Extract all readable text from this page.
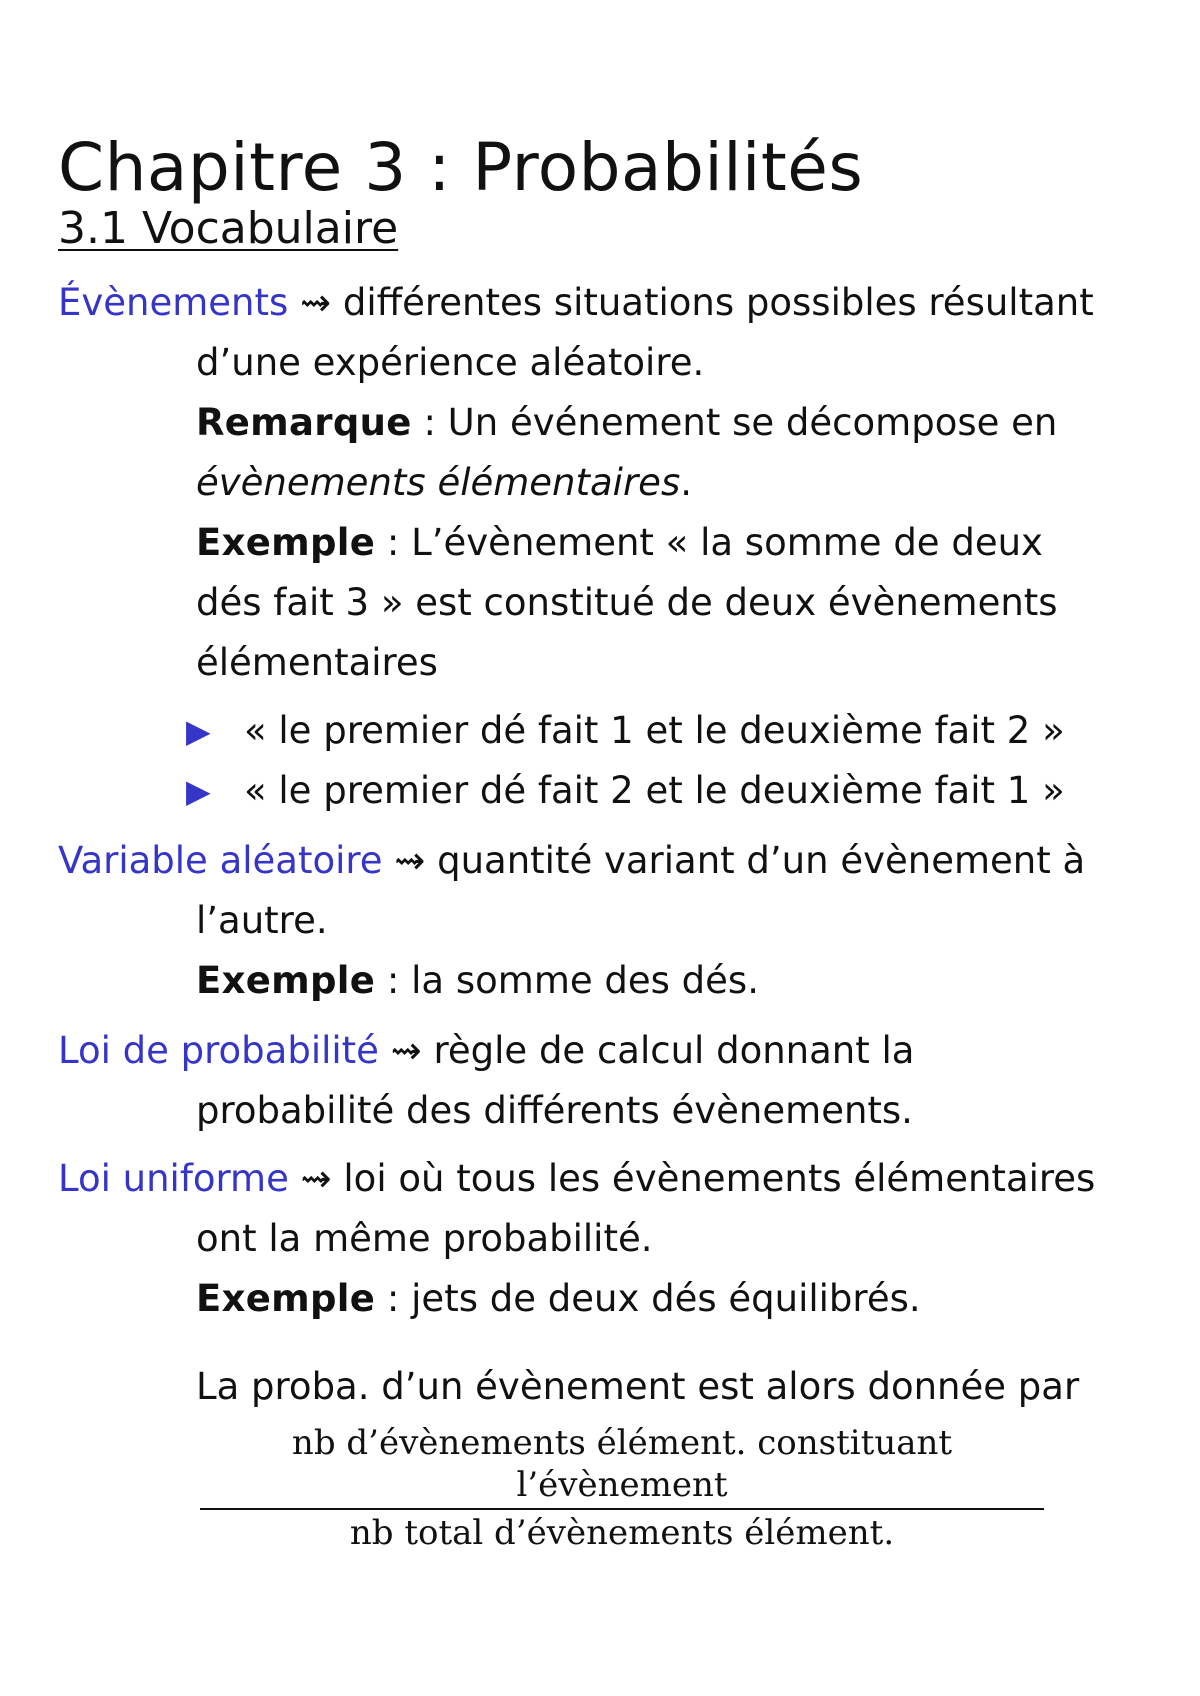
Chapitre 3 : Probabilités
3.1 Vocabulaire
Évènements ⇝ différentes situations possibles résultant
d’une expérience aléatoire.
Remarque : Un événement se décompose en
évènements élémentaires.
Exemple : L’évènement « la somme de deux
dés fait 3 » est constitué de deux évènements
élémentaires
▶ « le premier dé fait 1 et le deuxième fait 2 »
▶ « le premier dé fait 2 et le deuxième fait 1 »
Variable aléatoire ⇝ quantité variant d’un évènement à
l’autre.
Exemple : la somme des dés.
Loi de probabilité ⇝ règle de calcul donnant la
probabilité des différents évènements.
Loi uniforme ⇝ loi où tous les évènements élémentaires
ont la même probabilité.
Exemple : jets de deux dés équilibrés.
La proba. d’un évènement est alors donnée par
nb d’évènements élément. constituant l’évènement
nb total d’évènements élément.
